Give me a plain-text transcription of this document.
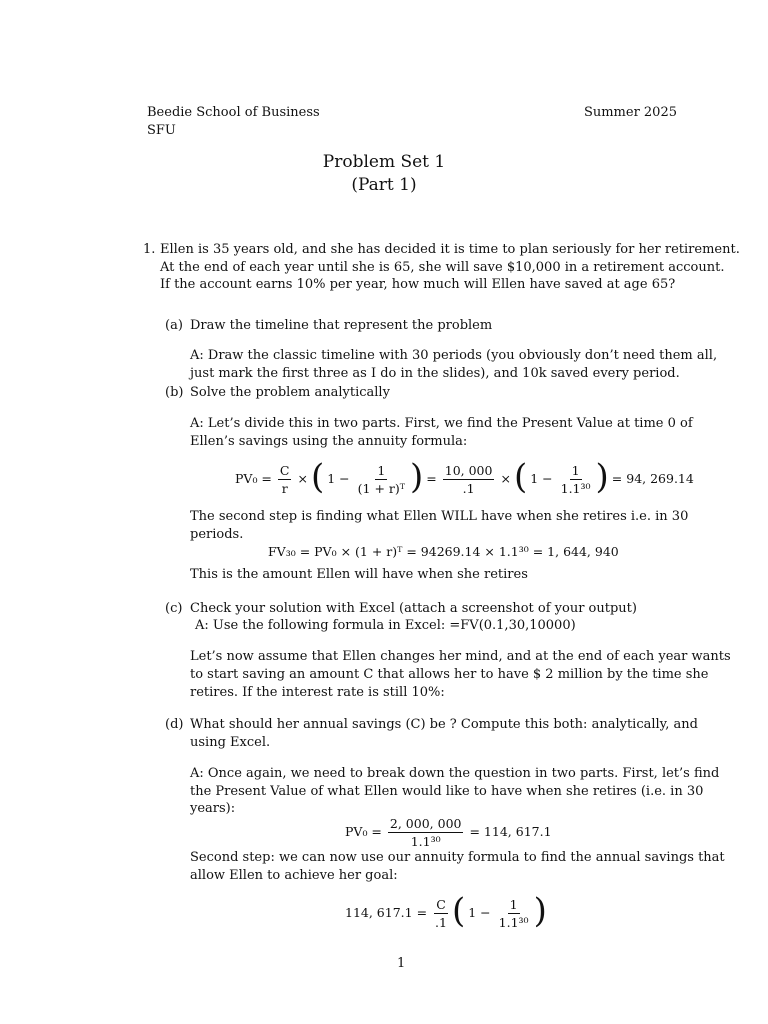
Beedie School of Business
SFU
Summer 2025
Problem Set 1
(Part 1)
1. Ellen is 35 years old, and she has decided it is time to plan seriously for her retirement.
At the end of each year until she is 65, she will save $10,000 in a retirement account.
If the account earns 10% per year, how much will Ellen have saved at age 65?
(a) Draw the timeline that represent the problem
A: Draw the classic timeline with 30 periods (you obviously don’t need them all,
just mark the first three as I do in the slides), and 10k saved every period.
(b) Solve the problem analytically
A: Let’s divide this in two parts. First, we find the Present Value at time 0 of
Ellen’s savings using the annuity formula:
$PV_0 = \frac{C}{r}$ × ( $1 - \frac{1}{\text{(1 + r)ᵀ}}$ ) = $\frac{10, 000}{.1}$ × ( $1 - \frac{1}{\text{1.1³⁰}}$ ) = 94, 269.14
The second step is finding what Ellen WILL have when she retires i.e. in 30
periods.
FV₃₀ = PV₀ × (1 + r)ᵀ = 94269.14 × 1.1³⁰ = 1, 644, 940
This is the amount Ellen will have when she retires
(c) Check your solution with Excel (attach a screenshot of your output)
A: Use the following formula in Excel: =FV(0.1,30,10000)
Let’s now assume that Ellen changes her mind, and at the end of each year wants
to start saving an amount C that allows her to have $ 2 million by the time she
retires. If the interest rate is still 10%:
(d) What should her annual savings (C) be ? Compute this both: analytically, and
using Excel.
A: Once again, we need to break down the question in two parts. First, let’s find
the Present Value of what Ellen would like to have when she retires (i.e. in 30
years):
$PV_0 = \frac{2, 000, 000}{\text{1.1³⁰}} = 114$, 617.1
Second step: we can now use our annuity formula to find the annual savings that
allow Ellen to achieve her goal:
114, $617.1 = \frac{C}{.1}$ ( $1 - \frac{1}{\text{1.1³⁰}}$ )
1
